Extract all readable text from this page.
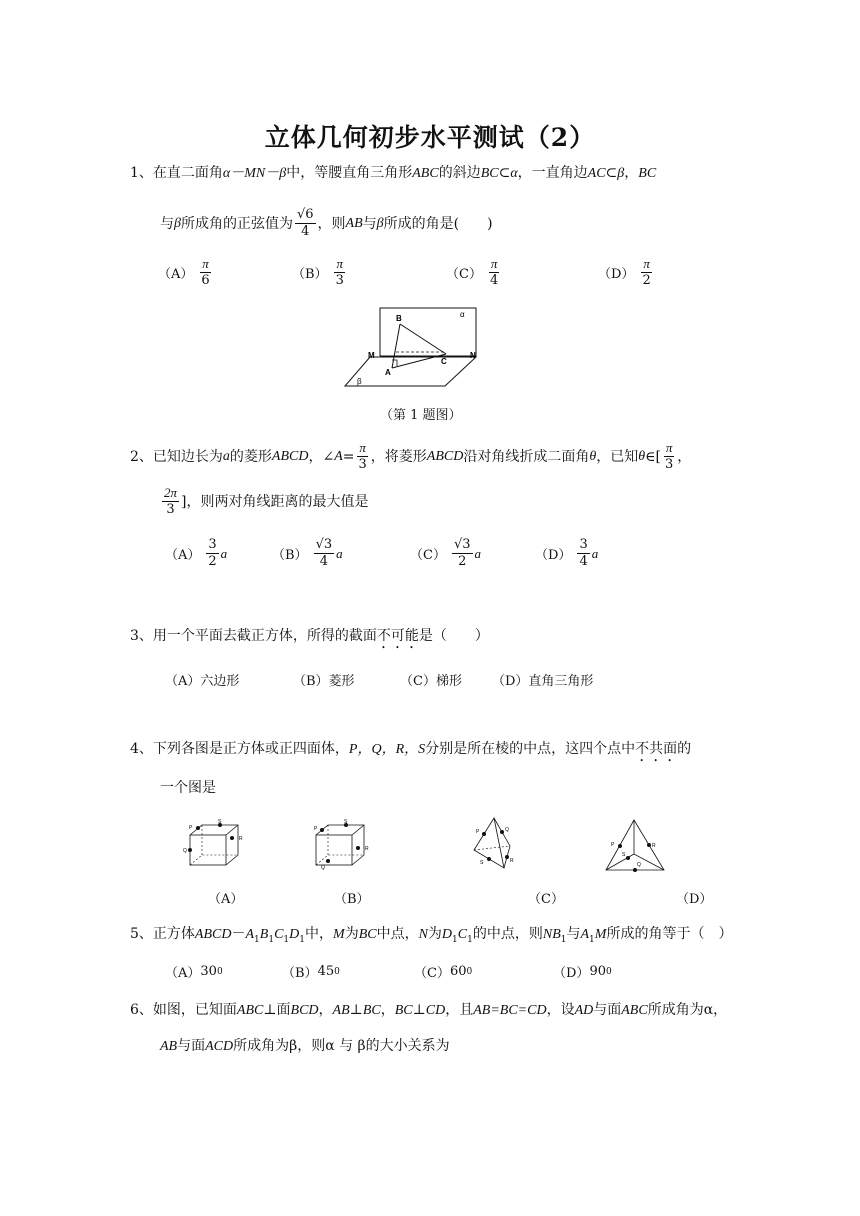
立体几何初步水平测试（2）
1、在直二面角α－MN－β中，等腰直角三角形ABC的斜边BC⊂α，一直角边AC⊂β，BC
与 β 所成角的正弦值为 $\frac{√6}{4}$ ，则 AB 与 β 所成的角是(　　)
$(A) \frac{\pi}{6}$	$(B) \frac{\pi}{3}$	$(C) \frac{\pi}{4}$	$(D) \frac{\pi}{2}$
B	α
M	N
C
A
β
（第 1 题图）
2、 已知边长为 a 的菱形 ABCD ，∠ $A = \frac{\pi}{3}$ ，将菱形 ABCD 沿对角线折成二面角 θ ，已知 θ ∈[ $\frac{\pi}{3}$ ，
$\frac{2\pi}{3}$ ]，则两对角线距离的最大值是
$(A) \frac{3}{2}$ a	$(B) \frac{√3}{4}$ a	$(C) \frac{√3}{2}$ a	$(D) \frac{3}{4}$ a
3、用一个平面去截正方体，所得的截面不可能是（　　）
（A）六边形	（B）菱形	（C）梯形 （D）直角三角形
4、下列各图是正方体或正四面体，P，Q，R，S分别是所在棱的中点，这四个点中不共面的
一个图是
P
S
R
Q
P
S
R
Q
P	Q
S	R
P	R
S
Q
（A）	（B）	（C）	（D）
5、正方体$ABCD-A_1B_1C_1D_1$中，M为BC中点，N为$D_1C_1$的中点，则$NB_1$与$A_1M$所成的角等于（　）
（A） 30 0	（B） 45 0	（C） 60 0	（D） 90 0
6、如图，已知面ABC⊥面BCD，AB⊥BC，BC⊥CD，且AB=BC=CD，设AD与面ABC所成角为α，
AB与面ACD所成角为β，则α 与 β的大小关系为
